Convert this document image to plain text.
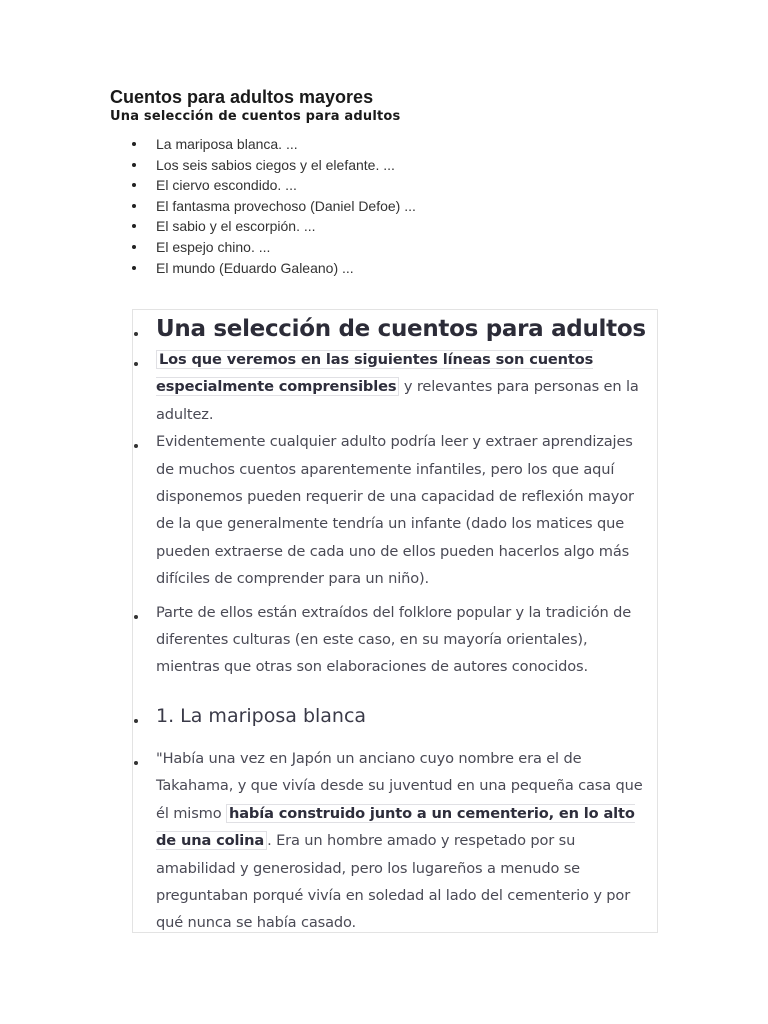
Cuentos para adultos mayores
Una selección de cuentos para adultos
La mariposa blanca. ...
Los seis sabios ciegos y el elefante. ...
El ciervo escondido. ...
El fantasma provechoso (Daniel Defoe) ...
El sabio y el escorpión. ...
El espejo chino. ...
El mundo (Eduardo Galeano) ...
Una selección de cuentos para adultos
Los que veremos en las siguientes líneas son cuentos especialmente comprensibles y relevantes para personas en la adultez.
Evidentemente cualquier adulto podría leer y extraer aprendizajes de muchos cuentos aparentemente infantiles, pero los que aquí disponemos pueden requerir de una capacidad de reflexión mayor de la que generalmente tendría un infante (dado los matices que pueden extraerse de cada uno de ellos pueden hacerlos algo más difíciles de comprender para un niño).
Parte de ellos están extraídos del folklore popular y la tradición de diferentes culturas (en este caso, en su mayoría orientales), mientras que otras son elaboraciones de autores conocidos.
1. La mariposa blanca
"Había una vez en Japón un anciano cuyo nombre era el de Takahama, y que vivía desde su juventud en una pequeña casa que él mismo había construido junto a un cementerio, en lo alto de una colina . Era un hombre amado y respetado por su amabilidad y generosidad, pero los lugareños a menudo se preguntaban porqué vivía en soledad al lado del cementerio y por qué nunca se había casado.
